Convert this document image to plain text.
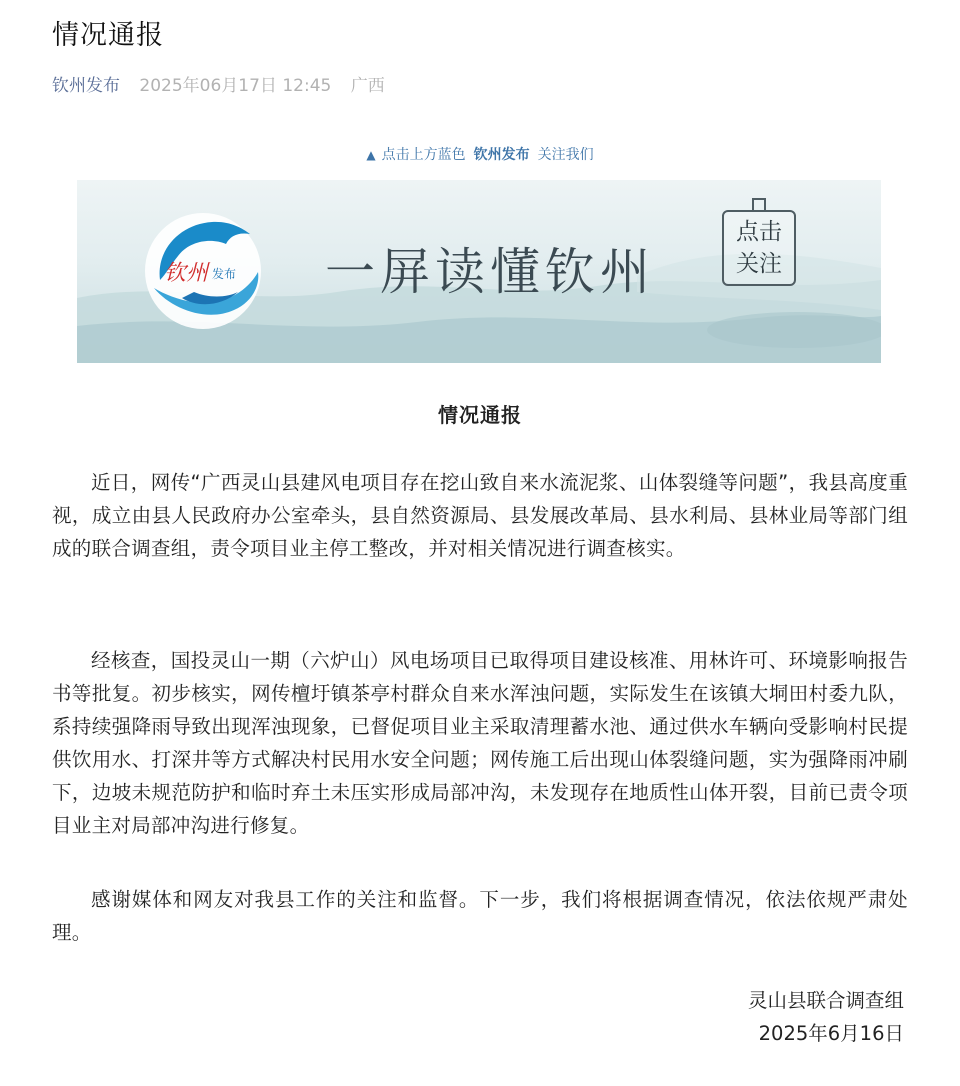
情况通报
钦州发布 2025年06月17日 12:45 广西
▲ 点击上方蓝色 钦州发布 关注我们
钦州 发布 一屏读懂钦州
点击
关注
情况通报

近日，网传“广西灵山县建风电项目存在挖山致自来水流泥浆、山体裂缝等问题”，我县高度重视，成立由县人民政府办公室牵头，县自然资源局、县发展改革局、县水利局、县林业局等部门组成的联合调查组，责令项目业主停工整改，并对相关情况进行调查核实。

经核查，国投灵山一期（六炉山）风电场项目已取得项目建设核准、用林许可、环境影响报告书等批复。初步核实，网传檀圩镇茶亭村群众自来水浑浊问题，实际发生在该镇大垌田村委九队，系持续强降雨导致出现浑浊现象，已督促项目业主采取清理蓄水池、通过供水车辆向受影响村民提供饮用水、打深井等方式解决村民用水安全问题；网传施工后出现山体裂缝问题，实为强降雨冲刷下，边坡未规范防护和临时弃土未压实形成局部冲沟，未发现存在地质性山体开裂，目前已责令项目业主对局部冲沟进行修复。

感谢媒体和网友对我县工作的关注和监督。下一步，我们将根据调查情况，依法依规严肃处理。

灵山县联合调查组
2025年6月16日
